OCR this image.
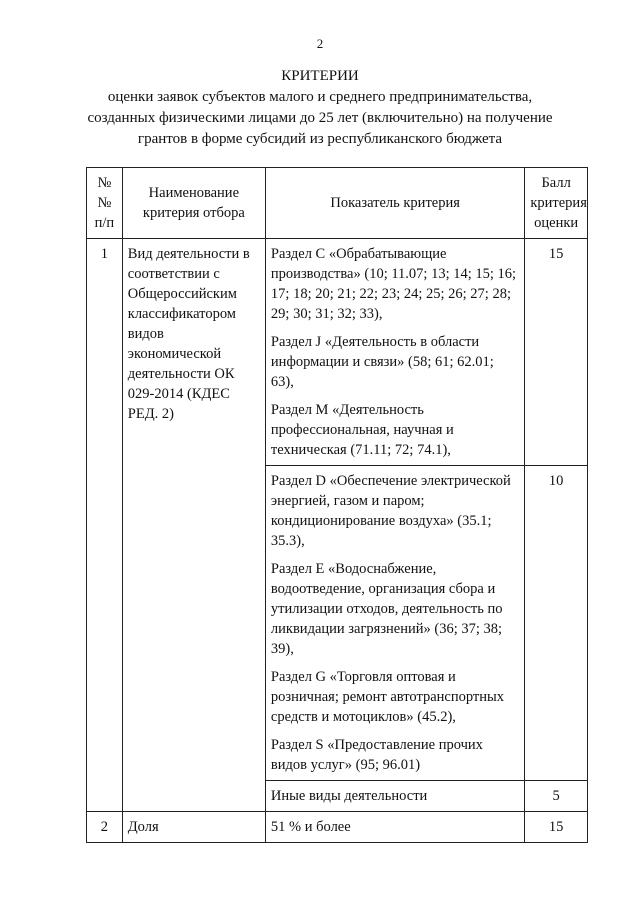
2
КРИТЕРИИ
оценки заявок субъектов малого и среднего предпринимательства,
созданных физическими лицами до 25 лет (включительно) на получение
грантов в форме субсидий из республиканского бюджета
№№ п/п	Наименование критерия отбора	Показатель критерия	Балл критерия оценки
1	Вид деятельности в соответствии с Общероссийским классификатором видов экономической деятельности ОК 029-2014 (КДЕС РЕД. 2)	Раздел С «Обрабатывающие производства» (10; 11.07; 13; 14; 15; 16; 17; 18; 20; 21; 22; 23; 24; 25; 26; 27; 28; 29; 30; 31; 32; 33),

Раздел J «Деятельность в области информации и связи» (58; 61; 62.01; 63),

Раздел М «Деятельность профессиональная, научная и техническая (71.11; 72; 74.1),	15

		Раздел D «Обеспечение электрической энергией, газом и паром; кондиционирование воздуха» (35.1; 35.3),

Раздел Е «Водоснабжение, водоотведение, организация сбора и утилизации отходов, деятельность по ликвидации загрязнений» (36; 37; 38; 39),

Раздел G «Торговля оптовая и розничная; ремонт автотранспортных средств и мотоциклов» (45.2),

Раздел S «Предоставление прочих видов услуг» (95; 96.01)	10

		Иные виды деятельности	5
2	Доля	51 % и более	15
